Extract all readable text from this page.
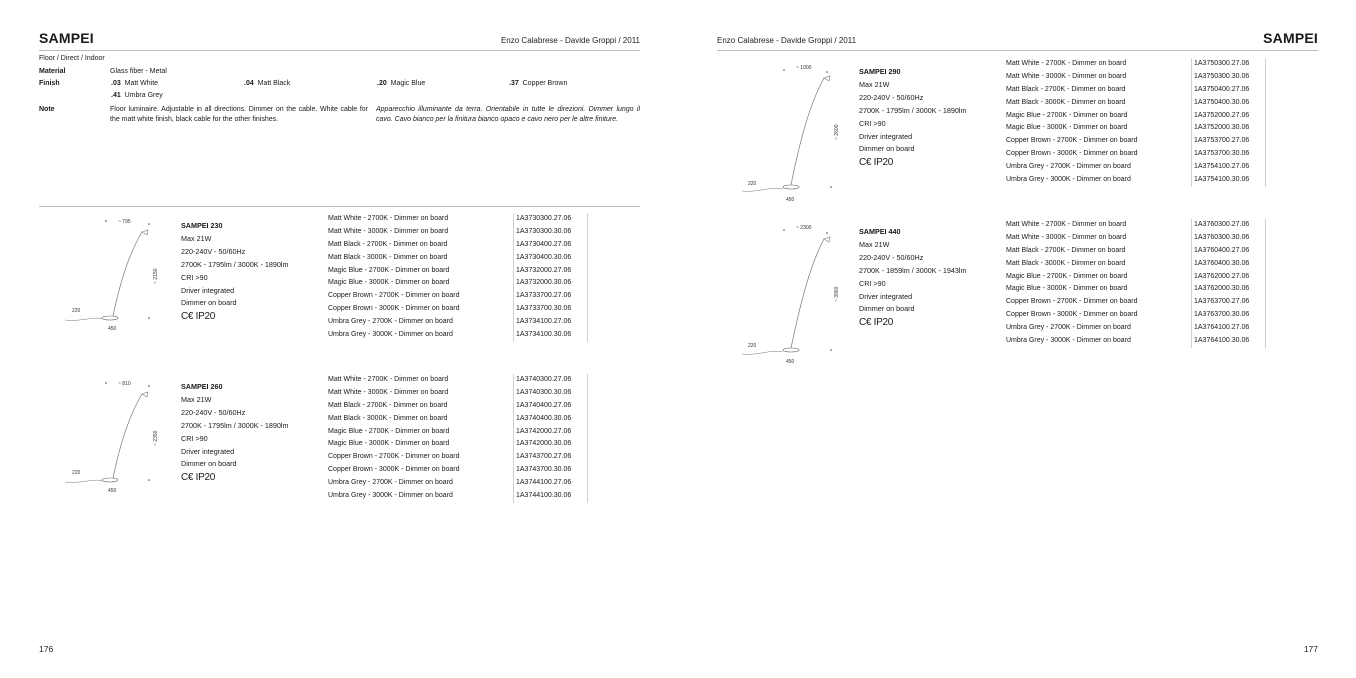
SAMPEI	Enzo Calabrese - Davide Groppi / 2011
Floor / Direct / Indoor
Material	Glass fiber - Metal
Finish	.03 Matt White	.04 Matt Black	.20 Magic Blue	.37 Copper Brown
.41 Umbra Grey
Note	Floor luminaire. Adjustable in all directions. Dimmer on the cable. White cable for the matt white finish, black cable for the other finishes.
Apparecchio illuminante da terra. Orientabile in tutte le direzioni. Dimmer lungo il cavo. Cavo bianco per la finitura bianco opaco e cavo nero per le altre finiture.
~ 795
~ 2150
220
450
SAMPEI 230
Max 21W
220-240V - 50/60Hz
2700K - 1795lm / 3000K - 1890lm
CRI >90
Driver integrated
Dimmer on board
C€ IP20
Matt White - 2700K - Dimmer on board	1A3730300.27.06
Matt White - 3000K - Dimmer on board	1A3730300.30.06
Matt Black - 2700K - Dimmer on board	1A3730400.27.06
Matt Black - 3000K - Dimmer on board	1A3730400.30.06
Magic Blue - 2700K - Dimmer on board	1A3732000.27.06
Magic Blue - 3000K - Dimmer on board	1A3732000.30.06
Copper Brown - 2700K - Dimmer on board	1A3733700.27.06
Copper Brown - 3000K - Dimmer on board	1A3733700.30.06
Umbra Grey - 2700K - Dimmer on board	1A3734100.27.06
Umbra Grey - 3000K - Dimmer on board	1A3734100.30.06
~ 810
~ 2350
220
450
SAMPEI 260
Max 21W
220-240V - 50/60Hz
2700K - 1795lm / 3000K - 1890lm
CRI >90
Driver integrated
Dimmer on board
C€ IP20
Matt White - 2700K - Dimmer on board	1A3740300.27.06
Matt White - 3000K - Dimmer on board	1A3740300.30.06
Matt Black - 2700K - Dimmer on board	1A3740400.27.06
Matt Black - 3000K - Dimmer on board	1A3740400.30.06
Magic Blue - 2700K - Dimmer on board	1A3742000.27.06
Magic Blue - 3000K - Dimmer on board	1A3742000.30.06
Copper Brown - 2700K - Dimmer on board	1A3743700.27.06
Copper Brown - 3000K - Dimmer on board	1A3743700.30.06
Umbra Grey - 2700K - Dimmer on board	1A3744100.27.06
Umbra Grey - 3000K - Dimmer on board	1A3744100.30.06
176
Enzo Calabrese - Davide Groppi / 2011	SAMPEI
~ 1000
~ 2600
220
450
SAMPEI 290
Max 21W
220-240V - 50/60Hz
2700K - 1795lm / 3000K - 1890lm
CRI >90
Driver integrated
Dimmer on board
C€ IP20
Matt White - 2700K - Dimmer on board	1A3750300.27.06
Matt White - 3000K - Dimmer on board	1A3750300.30.06
Matt Black - 2700K - Dimmer on board	1A3750400.27.06
Matt Black - 3000K - Dimmer on board	1A3750400.30.06
Magic Blue - 2700K - Dimmer on board	1A3752000.27.06
Magic Blue - 3000K - Dimmer on board	1A3752000.30.06
Copper Brown - 2700K - Dimmer on board	1A3753700.27.06
Copper Brown - 3000K - Dimmer on board	1A3753700.30.06
Umbra Grey - 2700K - Dimmer on board	1A3754100.27.06
Umbra Grey - 3000K - Dimmer on board	1A3754100.30.06
~ 2300
~ 3960
220
450
SAMPEI 440
Max 21W
220-240V - 50/60Hz
2700K - 1859lm / 3000K - 1943lm
CRI >90
Driver integrated
Dimmer on board
C€ IP20
Matt White - 2700K - Dimmer on board	1A3760300.27.06
Matt White - 3000K - Dimmer on board	1A3760300.30.06
Matt Black - 2700K - Dimmer on board	1A3760400.27.06
Matt Black - 3000K - Dimmer on board	1A3760400.30.06
Magic Blue - 2700K - Dimmer on board	1A3762000.27.06
Magic Blue - 3000K - Dimmer on board	1A3762000.30.06
Copper Brown - 2700K - Dimmer on board	1A3763700.27.06
Copper Brown - 3000K - Dimmer on board	1A3763700.30.06
Umbra Grey - 2700K - Dimmer on board	1A3764100.27.06
Umbra Grey - 3000K - Dimmer on board	1A3764100.30.06
177
